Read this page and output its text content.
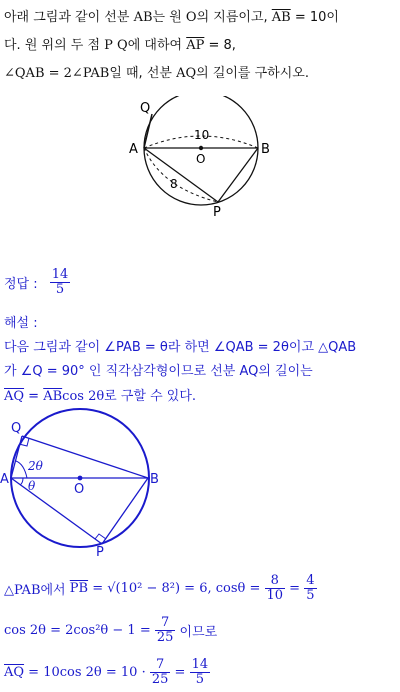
아래 그림과 같이 선분 AB는 원 O의 지름이고, $\overline{AB} = 10$이
다. 원 위의 두 점 P Q에 대하여 $\overline{AP} = 8$,
∠QAB = 2∠PAB일 때, 선분 AQ의 길이를 구하시오.
Q
A	B
O
P
10
8
정답 : $\frac{14}{5}$
해설 :
다음 그림과 같이 ∠PAB = θ라 하면 ∠QAB = 2θ이고 △QAB
가 ∠Q = 90° 인 직각삼각형이므로 선분 AQ의 길이는
$\overline{AQ} = \overline{AB}\cos$ 2θ로 구할 수 있다.
Q
A	B
O
P
2θ
θ
△PAB에서 $\overline{PB} = √(10^2 - 8^2) = 6$, $\cos\theta = \frac{8}{10} = \frac{4}{5}$
$\cos 2\theta = 2\cos^2\theta - 1 = \frac{7}{25}$ 이므로
$\overline{AQ} = 10\cos$ $2\theta = 10 \cdot \frac{7}{25} = \frac{14}{5}$
